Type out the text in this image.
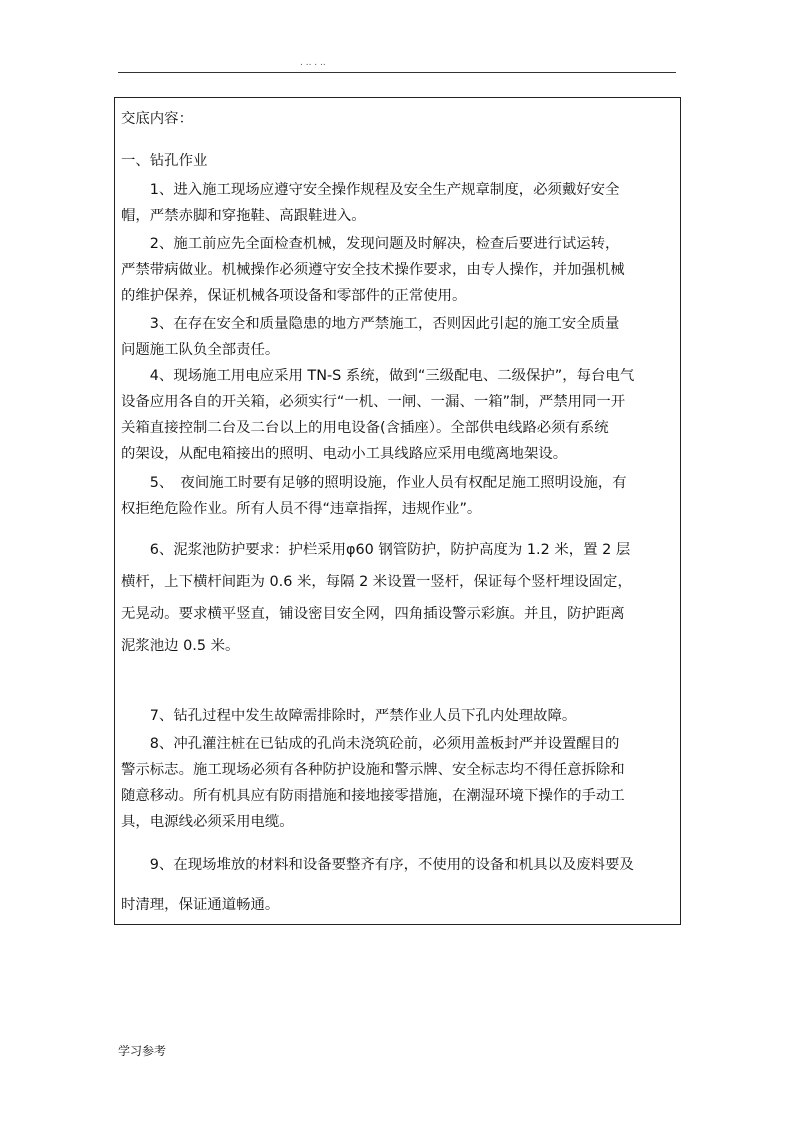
. .. . ..

交底内容：

一、钻孔作业

　　1、进入施工现场应遵守安全操作规程及安全生产规章制度，必须戴好安全
帽，严禁赤脚和穿拖鞋、高跟鞋进入。
　　2、施工前应先全面检查机械，发现问题及时解决，检查后要进行试运转，
严禁带病做业。机械操作必须遵守安全技术操作要求，由专人操作，并加强机械
的维护保养，保证机械各项设备和零部件的正常使用。
　　3、在存在安全和质量隐患的地方严禁施工，否则因此引起的施工安全质量
问题施工队负全部责任。
　　4、现场施工用电应采用 TN-S 系统，做到“三级配电、二级保护”，每台电气
设备应用各自的开关箱，必须实行“一机、一闸、一漏、一箱”制，严禁用同一开
关箱直接控制二台及二台以上的用电设备(含插座）。全部供电线路必须有系统
的架设，从配电箱接出的照明、电动小工具线路应采用电缆离地架设。
　　5、　夜间施工时要有足够的照明设施，作业人员有权配足施工照明设施，有
权拒绝危险作业。所有人员不得“违章指挥，违规作业”。
　　6、泥浆池防护要求：护栏采用φ60 钢管防护，防护高度为 1.2 米，置 2 层
横杆，上下横杆间距为 0.6 米，每隔 2 米设置一竖杆，保证每个竖杆埋设固定，
无晃动。要求横平竖直，铺设密目安全网，四角插设警示彩旗。并且，防护距离
泥浆池边 0.5 米。
　　7、钻孔过程中发生故障需排除时，严禁作业人员下孔内处理故障。
　　8、冲孔灌注桩在已钻成的孔尚未浇筑砼前，必须用盖板封严并设置醒目的
警示标志。施工现场必须有各种防护设施和警示牌、安全标志均不得任意拆除和
随意移动。所有机具应有防雨措施和接地接零措施，在潮湿环境下操作的手动工
具，电源线必须采用电缆。
　　9、在现场堆放的材料和设备要整齐有序，不使用的设备和机具以及废料要及
时清理，保证通道畅通。
学习参考
